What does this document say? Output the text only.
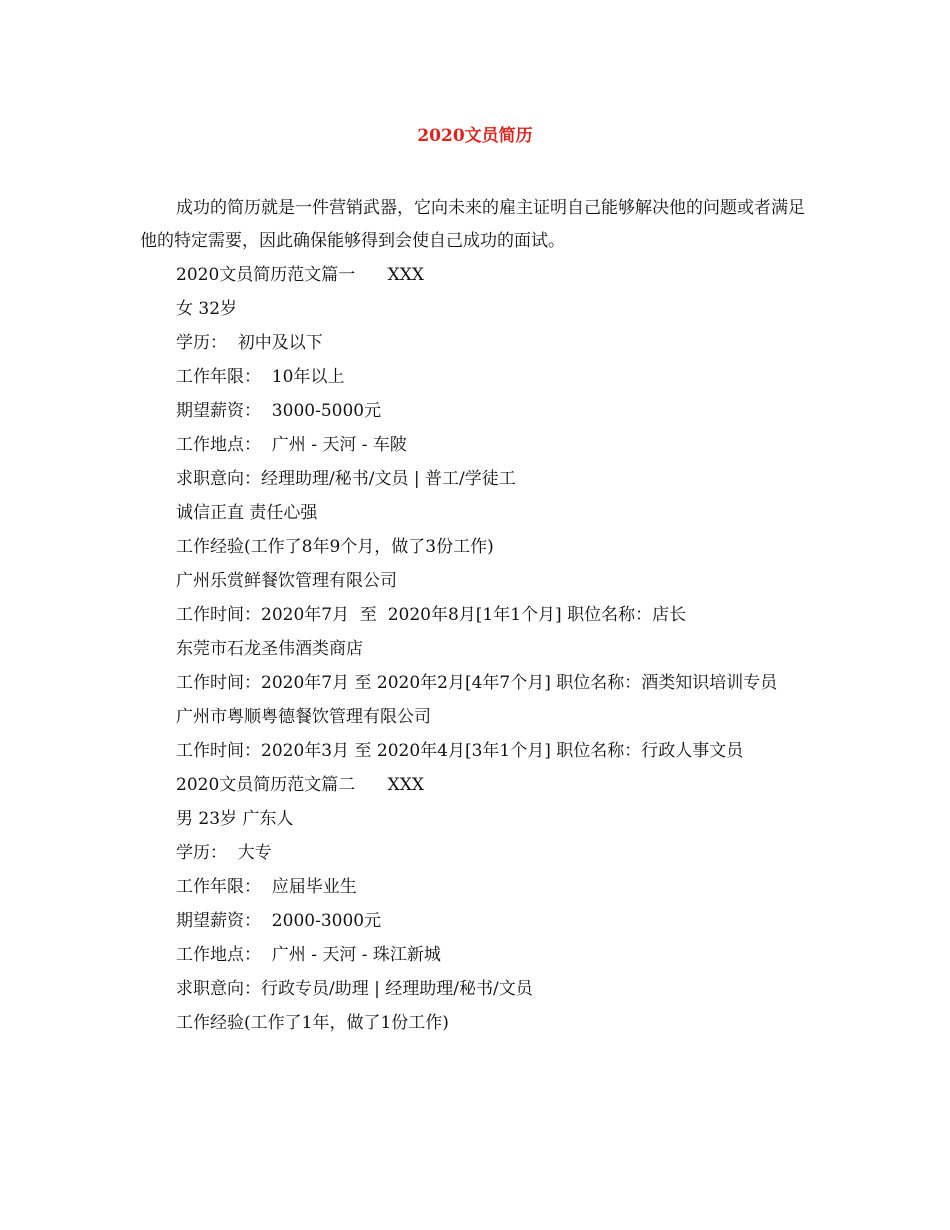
2020文员简历

成功的简历就是一件营销武器，它向未来的雇主证明自己能够解决他的问题或者满足他的特定需要，因此确保能够得到会使自己成功的面试。

2020文员简历范文篇一      XXX
女 32岁
学历：  初中及以下
工作年限：  10年以上
期望薪资：  3000-5000元
工作地点：  广州 - 天河 - 车陂
求职意向：经理助理/秘书/文员 | 普工/学徒工
诚信正直 责任心强
工作经验(工作了8年9个月，做了3份工作)
广州乐赏鲜餐饮管理有限公司
工作时间：2020年7月  至  2020年8月[1年1个月] 职位名称：店长
东莞市石龙圣伟酒类商店
工作时间：2020年7月 至 2020年2月[4年7个月] 职位名称：酒类知识培训专员
广州市粤顺粤德餐饮管理有限公司
工作时间：2020年3月 至 2020年4月[3年1个月] 职位名称：行政人事文员
2020文员简历范文篇二      XXX
男 23岁 广东人
学历：  大专
工作年限：  应届毕业生
期望薪资：  2000-3000元
工作地点：  广州 - 天河 - 珠江新城
求职意向：行政专员/助理 | 经理助理/秘书/文员
工作经验(工作了1年，做了1份工作)
